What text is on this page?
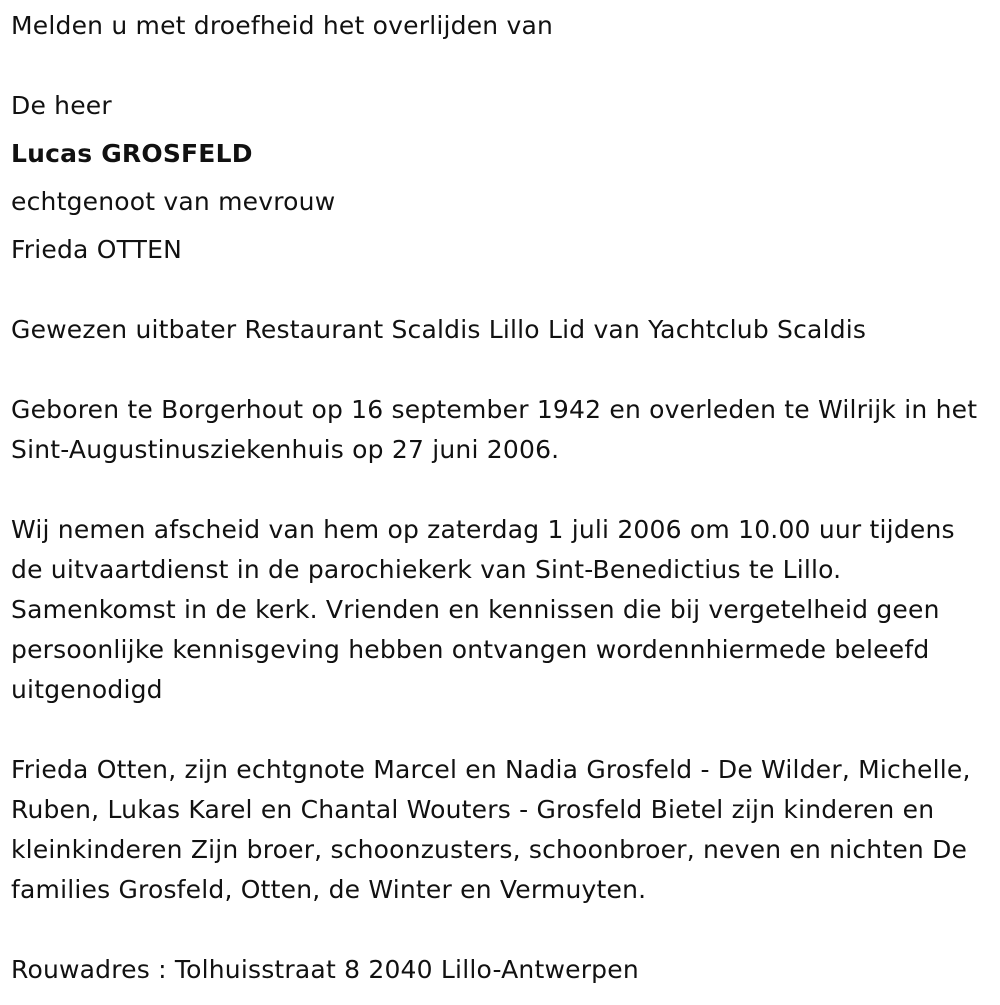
Melden u met droefheid het overlijden van
De heer
Lucas GROSFELD
echtgenoot van mevrouw
Frieda OTTEN
Gewezen uitbater Restaurant Scaldis Lillo Lid van Yachtclub Scaldis
Geboren te Borgerhout op 16 september 1942 en overleden te Wilrijk in het Sint-Augustinusziekenhuis op 27 juni 2006.
Wij nemen afscheid van hem op zaterdag 1 juli 2006 om 10.00 uur tijdens de uitvaartdienst in de parochiekerk van Sint-Benedictius te Lillo. Samenkomst in de kerk. Vrienden en kennissen die bij vergetelheid geen persoonlijke kennisgeving hebben ontvangen wordennhiermede beleefd uitgenodigd
Frieda Otten, zijn echtgnote Marcel en Nadia Grosfeld - De Wilder, Michelle, Ruben, Lukas Karel en Chantal Wouters - Grosfeld Bietel zijn kinderen en kleinkinderen Zijn broer, schoonzusters, schoonbroer, neven en nichten De families Grosfeld, Otten, de Winter en Vermuyten.
Rouwadres : Tolhuisstraat 8 2040 Lillo-Antwerpen
